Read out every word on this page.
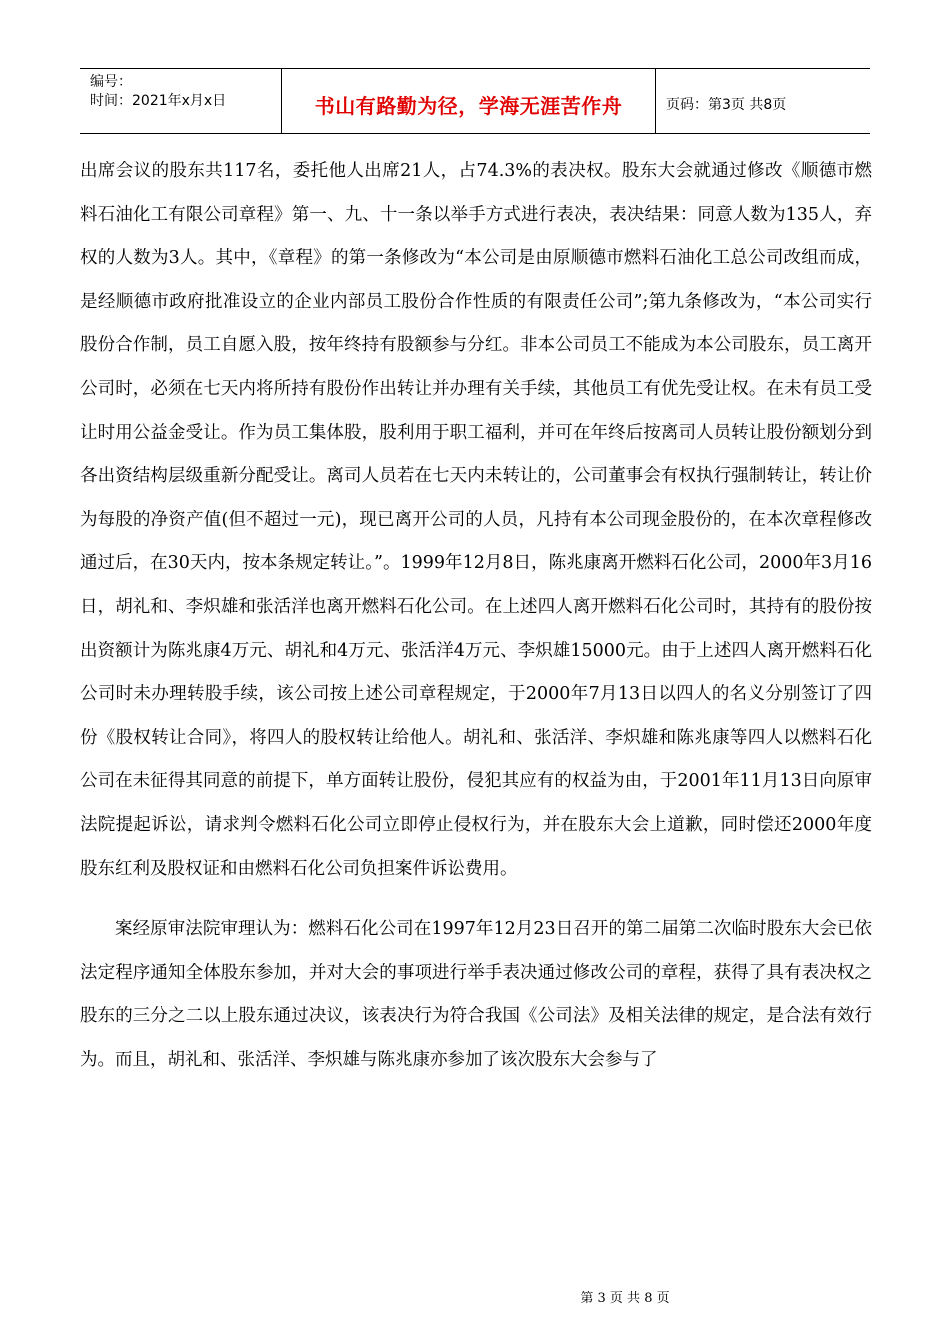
编号：
时间：2021年x月x日	书山有路勤为径，学海无涯苦作舟	页码：第3页 共8页

出席会议的股东共117名，委托他人出席21人，占74.3%的表决权。股东大会就通过修改《顺德市燃料石油化工有限公司章程》第一、九、十一条以举手方式进行表决，表决结果：同意人数为135人，弃权的人数为3人。其中，《章程》的第一条修改为“本公司是由原顺德市燃料石油化工总公司改组而成，是经顺德市政府批准设立的企业内部员工股份合作性质的有限责任公司”;第九条修改为，“本公司实行股份合作制，员工自愿入股，按年终持有股额参与分红。非本公司员工不能成为本公司股东，员工离开公司时，必须在七天内将所持有股份作出转让并办理有关手续，其他员工有优先受让权。在未有员工受让时用公益金受让。作为员工集体股，股利用于职工福利，并可在年终后按离司人员转让股份额划分到各出资结构层级重新分配受让。离司人员若在七天内未转让的，公司董事会有权执行强制转让，转让价为每股的净资产值(但不超过一元)，现已离开公司的人员，凡持有本公司现金股份的，在本次章程修改通过后，在30天内，按本条规定转让。”。1999年12月8日，陈兆康离开燃料石化公司，2000年3月16日，胡礼和、李炽雄和张活洋也离开燃料石化公司。在上述四人离开燃料石化公司时，其持有的股份按出资额计为陈兆康4万元、胡礼和4万元、张活洋4万元、李炽雄15000元。由于上述四人离开燃料石化公司时未办理转股手续，该公司按上述公司章程规定，于2000年7月13日以四人的名义分别签订了四份《股权转让合同》，将四人的股权转让给他人。胡礼和、张活洋、李炽雄和陈兆康等四人以燃料石化公司在未征得其同意的前提下，单方面转让股份，侵犯其应有的权益为由，于2001年11月13日向原审法院提起诉讼，请求判令燃料石化公司立即停止侵权行为，并在股东大会上道歉，同时偿还2000年度股东红利及股权证和由燃料石化公司负担案件诉讼费用。

案经原审法院审理认为：燃料石化公司在1997年12月23日召开的第二届第二次临时股东大会已依法定程序通知全体股东参加，并对大会的事项进行举手表决通过修改公司的章程，获得了具有表决权之股东的三分之二以上股东通过决议，该表决行为符合我国《公司法》及相关法律的规定，是合法有效行为。而且，胡礼和、张活洋、李炽雄与陈兆康亦参加了该次股东大会参与了

第 3 页 共 8 页
